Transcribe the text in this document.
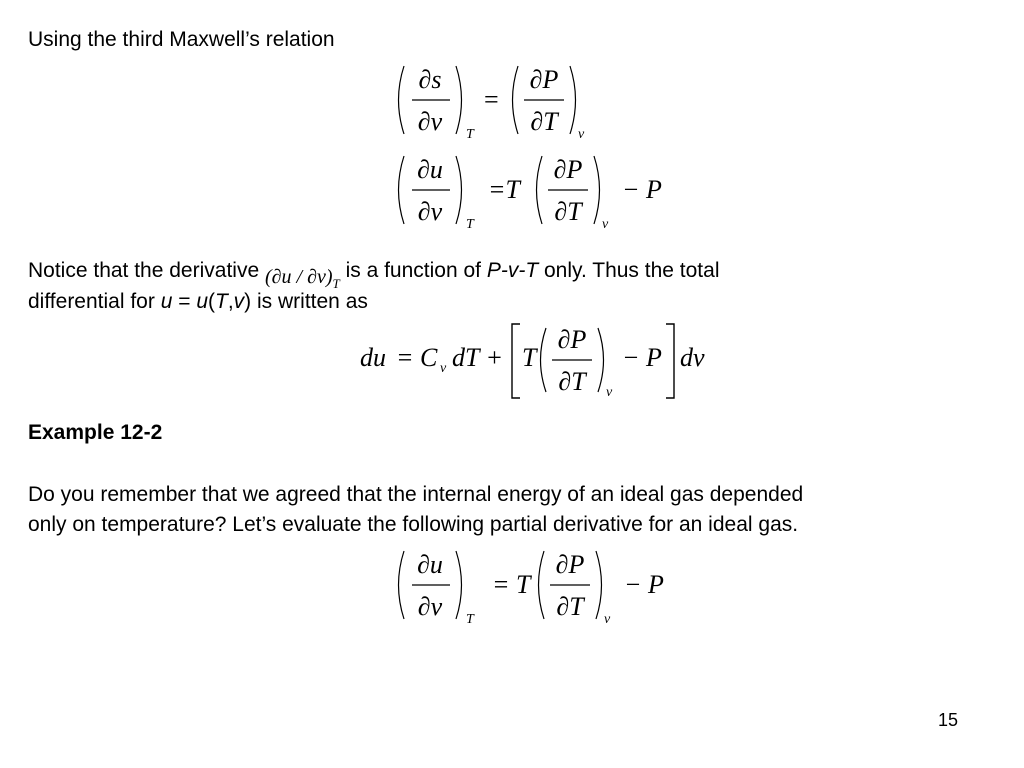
Using the third Maxwell’s relation
∂s
∂v T
=
∂P
∂T v
∂u
∂v T
=T
∂P
∂T v
− P
Notice that the derivative $(\partial u / \partial v)_T$ is a function of P-v-T only. Thus the total
differential for u = u(T,v) is written as
du = C v dT + T
∂P
∂T v
− P dv
Example 12-2
Do you remember that we agreed that the internal energy of an ideal gas depended
only on temperature? Let’s evaluate the following partial derivative for an ideal gas.
∂u
∂v T
= T
∂P
∂T v
− P
15
